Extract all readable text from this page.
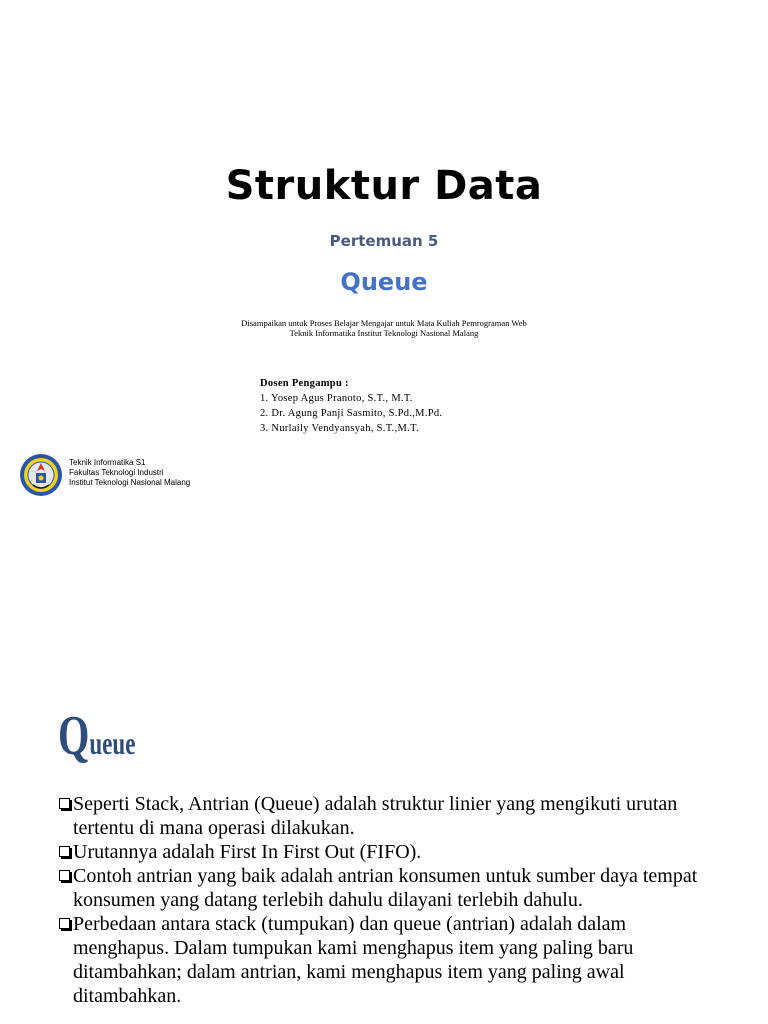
Struktur Data
Pertemuan 5
Queue
Disampaikan untuk Proses Belajar Mengajar untuk Mata Kuliah Pemrograman Web
Teknik Informatika Institut Teknologi Nasional Malang
Dosen Pengampu :
1. Yosep Agus Pranoto, S.T., M.T.
2. Dr. Agung Panji Sasmito, S.Pd.,M.Pd.
3. Nurlaily Vendyansyah, S.T.,M.T.
Teknik Informatika S1
Fakultas Teknologi Industri
Institut Teknologi Nasional Malang
Queue
Seperti Stack, Antrian (Queue) adalah struktur linier yang mengikuti urutan tertentu di mana operasi dilakukan.
Urutannya adalah First In First Out (FIFO).
Contoh antrian yang baik adalah antrian konsumen untuk sumber daya tempat konsumen yang datang terlebih dahulu dilayani terlebih dahulu.
Perbedaan antara stack (tumpukan) dan queue (antrian) adalah dalam menghapus. Dalam tumpukan kami menghapus item yang paling baru ditambahkan; dalam antrian, kami menghapus item yang paling awal ditambahkan.
